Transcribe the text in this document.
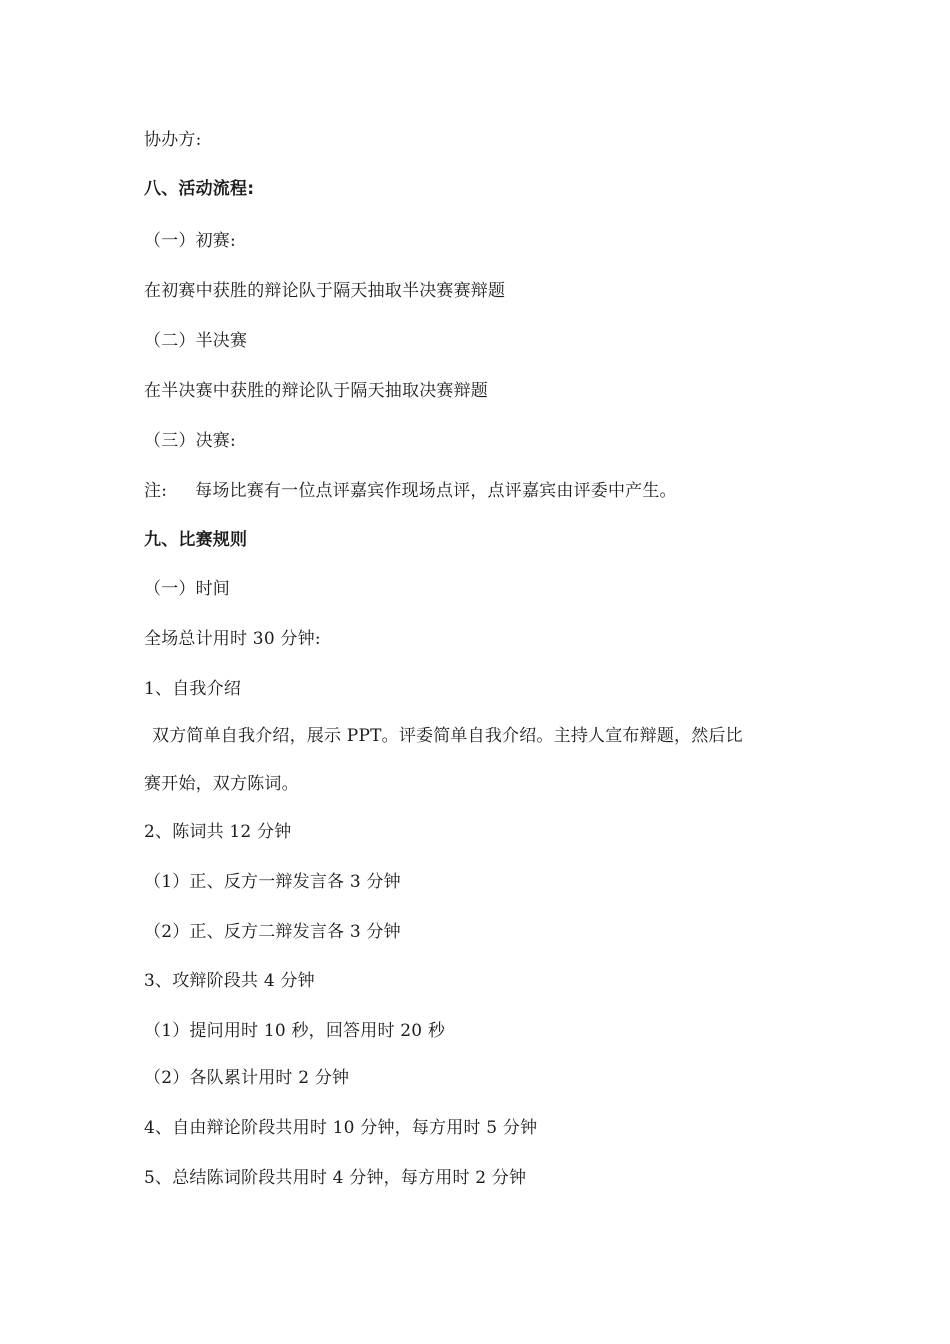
协办方:
八、活动流程:
（一）初赛:
在初赛中获胜的辩论队于隔天抽取半决赛赛辩题
（二）半决赛
在半决赛中获胜的辩论队于隔天抽取决赛辩题
（三）决赛:
注: 每场比赛有一位点评嘉宾作现场点评，点评嘉宾由评委中产生。
九、比赛规则
（一）时间
全场总计用时 30 分钟:
1、自我介绍
双方简单自我介绍，展示 PPT。评委简单自我介绍。主持人宣布辩题，然后比
赛开始，双方陈词。
2、陈词共 12 分钟
（1）正、反方一辩发言各 3 分钟
（2）正、反方二辩发言各 3 分钟
3、攻辩阶段共 4 分钟
（1）提问用时 10 秒，回答用时 20 秒
（2）各队累计用时 2 分钟
4、自由辩论阶段共用时 10 分钟，每方用时 5 分钟
5、总结陈词阶段共用时 4 分钟，每方用时 2 分钟
